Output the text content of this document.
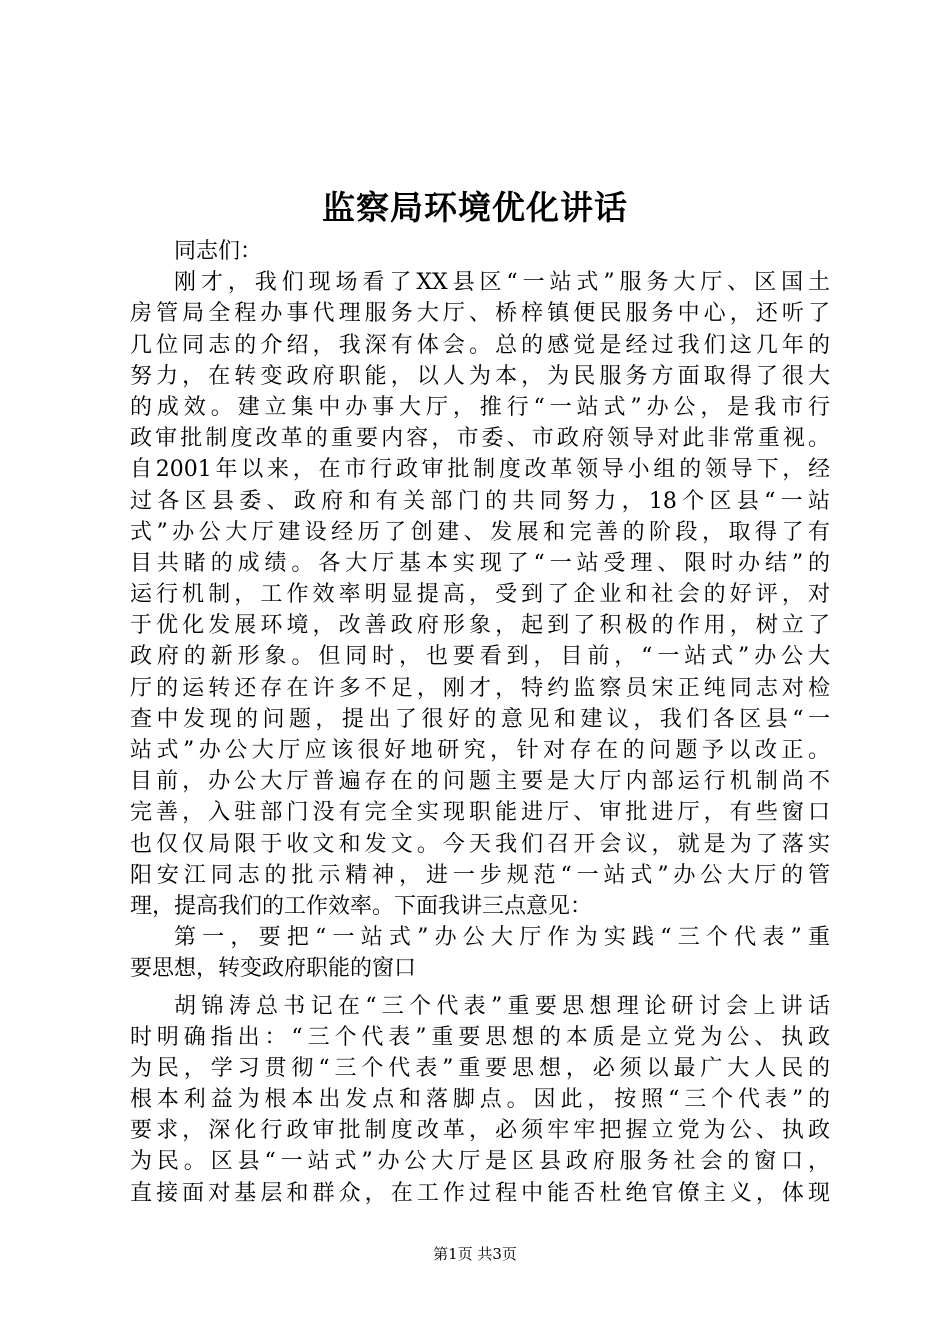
监察局环境优化讲话
同志们：
刚才，我们现场看了XX县区“一站式”服务大厅、区国土
房管局全程办事代理服务大厅、桥梓镇便民服务中心，还听了
几位同志的介绍，我深有体会。总的感觉是经过我们这几年的
努力，在转变政府职能，以人为本，为民服务方面取得了很大
的成效。建立集中办事大厅，推行“一站式”办公，是我市行
政审批制度改革的重要内容，市委、市政府领导对此非常重视。
自2001年以来，在市行政审批制度改革领导小组的领导下，经
过各区县委、政府和有关部门的共同努力，18个区县“一站
式”办公大厅建设经历了创建、发展和完善的阶段，取得了有
目共睹的成绩。各大厅基本实现了“一站受理、限时办结”的
运行机制，工作效率明显提高，受到了企业和社会的好评，对
于优化发展环境，改善政府形象，起到了积极的作用，树立了
政府的新形象。但同时，也要看到，目前，“一站式”办公大
厅的运转还存在许多不足，刚才，特约监察员宋正纯同志对检
查中发现的问题，提出了很好的意见和建议，我们各区县“一
站式”办公大厅应该很好地研究，针对存在的问题予以改正。
目前，办公大厅普遍存在的问题主要是大厅内部运行机制尚不
完善，入驻部门没有完全实现职能进厅、审批进厅，有些窗口
也仅仅局限于收文和发文。今天我们召开会议，就是为了落实
阳安江同志的批示精神，进一步规范“一站式”办公大厅的管
理，提高我们的工作效率。下面我讲三点意见：
第一，要把“一站式”办公大厅作为实践“三个代表”重
要思想，转变政府职能的窗口
胡锦涛总书记在“三个代表”重要思想理论研讨会上讲话
时明确指出：“三个代表”重要思想的本质是立党为公、执政
为民，学习贯彻“三个代表”重要思想，必须以最广大人民的
根本利益为根本出发点和落脚点。因此，按照“三个代表”的
要求，深化行政审批制度改革，必须牢牢把握立党为公、执政
为民。区县“一站式”办公大厅是区县政府服务社会的窗口，
直接面对基层和群众，在工作过程中能否杜绝官僚主义，体现
第1页 共3页
